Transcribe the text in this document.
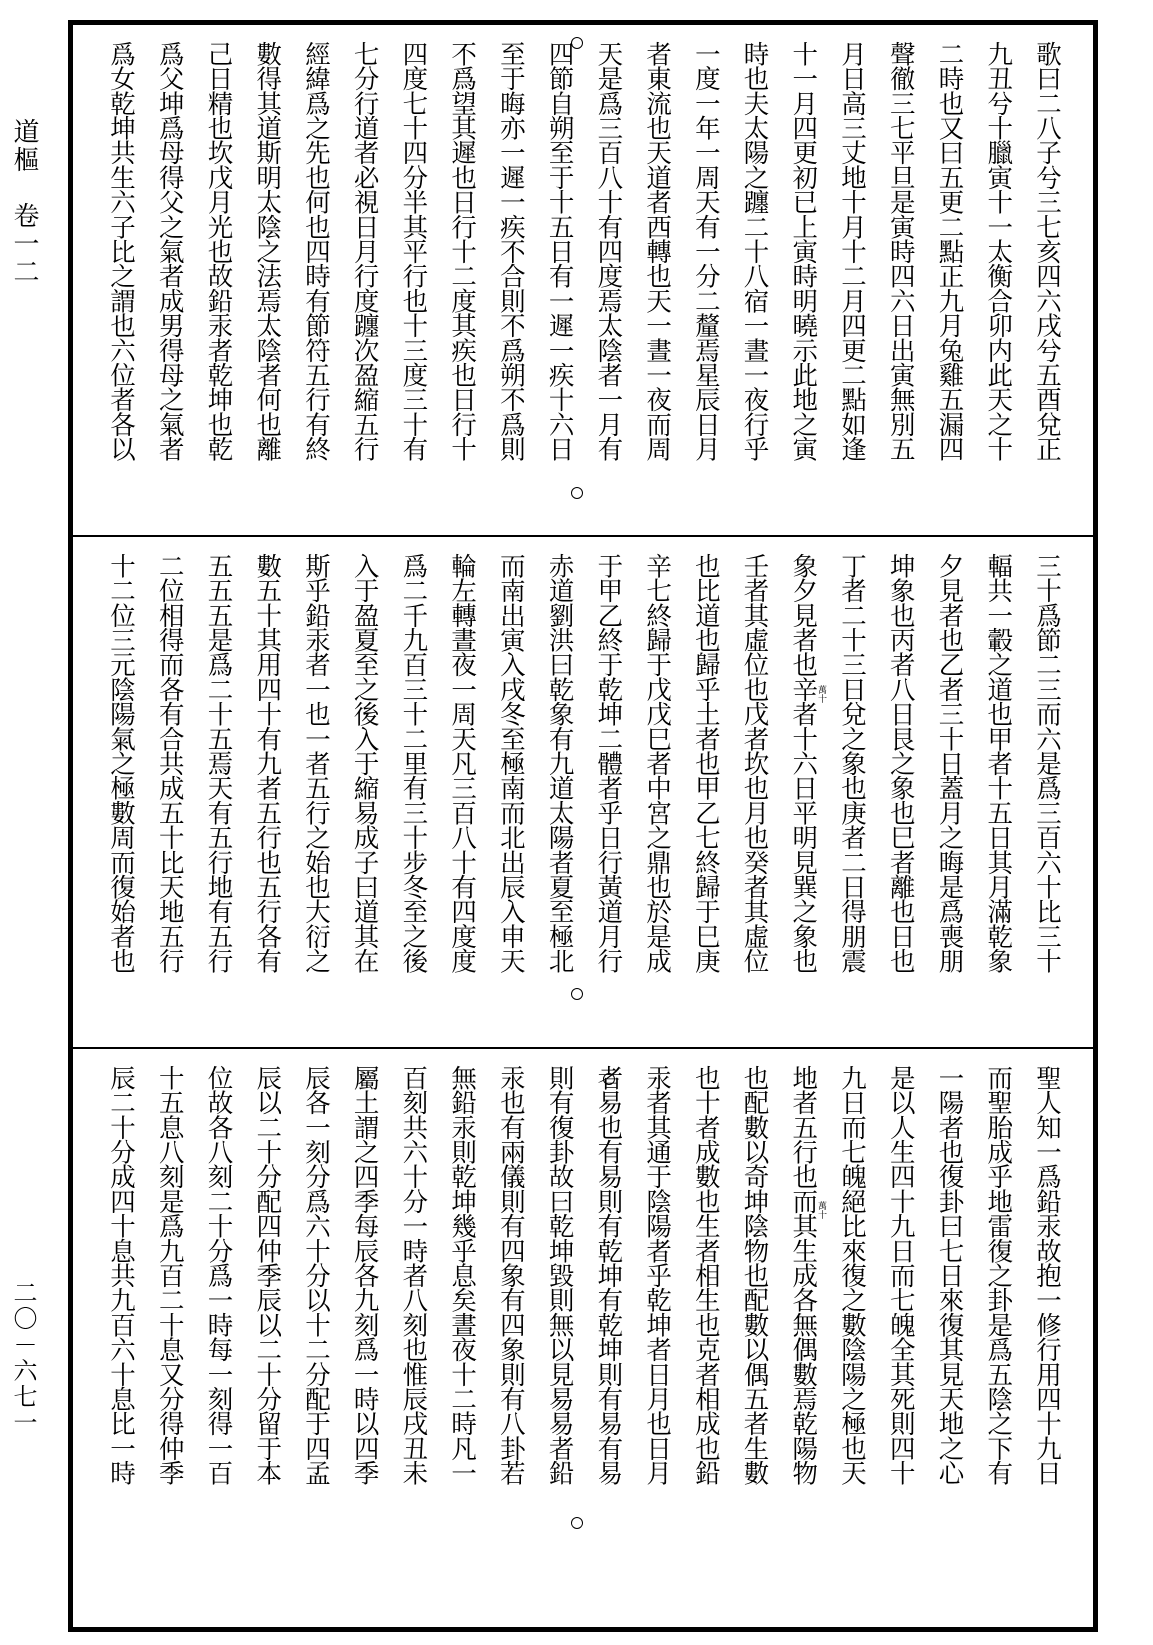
道樞　卷一二
二〇－六七一
歌曰二八子兮三七亥四六戌兮五酉兌正
九丑兮十臘寅十一太衡合卯内此天之十
二時也又曰五更二點正九月兔雞五漏四
聲徹三七平旦是寅時四六日出寅無別五
月日高三丈地十月十二月四更二點如逢
十一月四更初已上寅時明曉示此地之寅
時也夫太陽之躔二十八宿一晝一夜行乎
一度一年一周天有一分二釐焉星辰日月
者東流也天道者西轉也天一晝一夜而周
天是爲三百八十有四度焉太陰者一月有
四節自朔至于十五日有一遲一疾十六日
至于晦亦一遲一疾不合則不爲朔不爲則
不爲望其遲也日行十二度其疾也日行十
四度七十四分半其平行也十三度三十有
七分行道者必視日月行度躔次盈縮五行
經緯爲之先也何也四時有節符五行有終
數得其道斯明太陰之法焉太陰者何也離
己日精也坎戊月光也故鉛汞者乾坤也乾
爲父坤爲母得父之氣者成男得母之氣者
爲女乾坤共生六子比之謂也六位者各以
三十爲節二三而六是爲三百六十比三十
輻共一轂之道也甲者十五日其月滿乾象
夕見者也乙者三十日蓋月之晦是爲喪朋
坤象也丙者八日艮之象也巳者離也日也
丁者二十三日兌之象也庚者二日得朋震
象夕見者也辛者十六日平明見巽之象也
壬者其虛位也戊者坎也月也癸者其虛位
也比道也歸乎土者也甲乙七終歸于巳庚
辛七終歸于戊戊巳者中宮之鼎也於是成
于甲乙終于乾坤二體者乎日行黃道月行
赤道劉洪曰乾象有九道太陽者夏至極北
而南出寅入戌冬至極南而北出辰入申天
輪左轉晝夜一周天凡三百八十有四度度
爲二千九百三十二里有三十步冬至之後
入于盈夏至之後入于縮易成子曰道其在
斯乎鉛汞者一也一者五行之始也大衍之
數五十其用四十有九者五行也五行各有
五五五是爲二十五焉天有五行地有五行
二位相得而各有合共成五十比天地五行
十二位三元陰陽氣之極數周而復始者也
聖人知一爲鉛汞故抱一修行用四十九日
而聖胎成乎地雷復之卦是爲五陰之下有
一陽者也復卦曰七日來復其見天地之心
是以人生四十九日而七魄全其死則四十
九日而七魄絕比來復之數陰陽之極也天
地者五行也而其生成各無偶數焉乾陽物
也配數以奇坤陰物也配數以偶五者生數
也十者成數也生者相生也克者相成也鉛
汞者其通于陰陽者乎乾坤者日月也日月
者易也有易則有乾坤有乾坤則有易有易
則有復卦故曰乾坤毀則無以見易易者鉛
汞也有兩儀則有四象有四象則有八卦若
無鉛汞則乾坤幾乎息矣晝夜十二時凡一
百刻共六十分一時者八刻也惟辰戌丑未
屬土謂之四季每辰各九刻爲一時以四季
辰各一刻分爲六十分以十二分配于四孟
辰以二十分配四仲季辰以二十分留于本
位故各八刻二十分爲一時每一刻得一百
十五息八刻是爲九百二十息又分得仲季
辰二十分成四十息共九百六十息比一時
萬十
萬十
